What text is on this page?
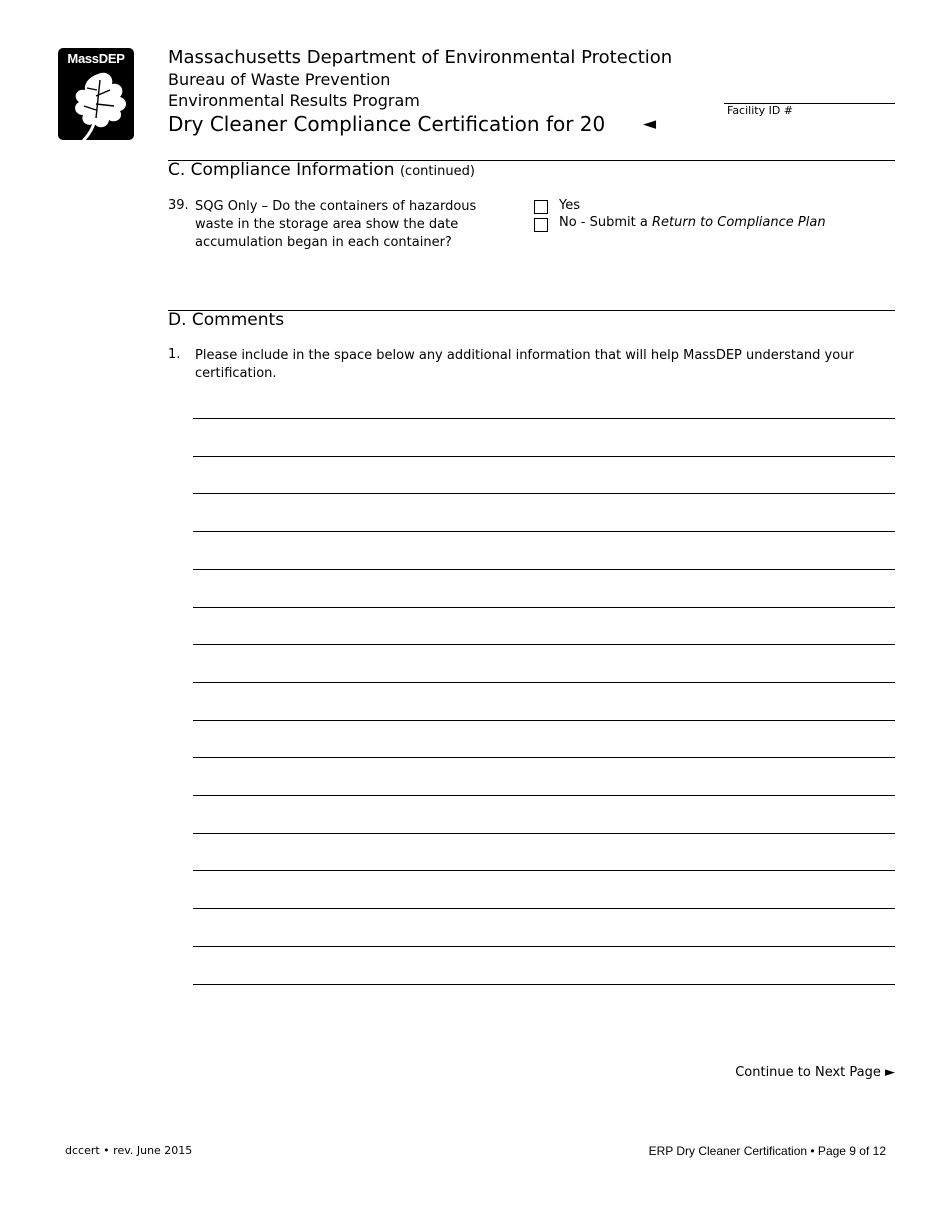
MassDEP	Massachusetts Department of Environmental Protection
Bureau of Waste Prevention
Environmental Results Program
Dry Cleaner Compliance Certification for 20 ◄
Facility ID #
C. Compliance Information (continued)
39. SQG Only – Do the containers of hazardous waste in the storage area show the date accumulation began in each container?
Yes
No - Submit a Return to Compliance Plan
D. Comments
1. Please include in the space below any additional information that will help MassDEP understand your certification.
Continue to Next Page ►
dccert • rev. June 2015	ERP Dry Cleaner Certification • Page 9 of 12
